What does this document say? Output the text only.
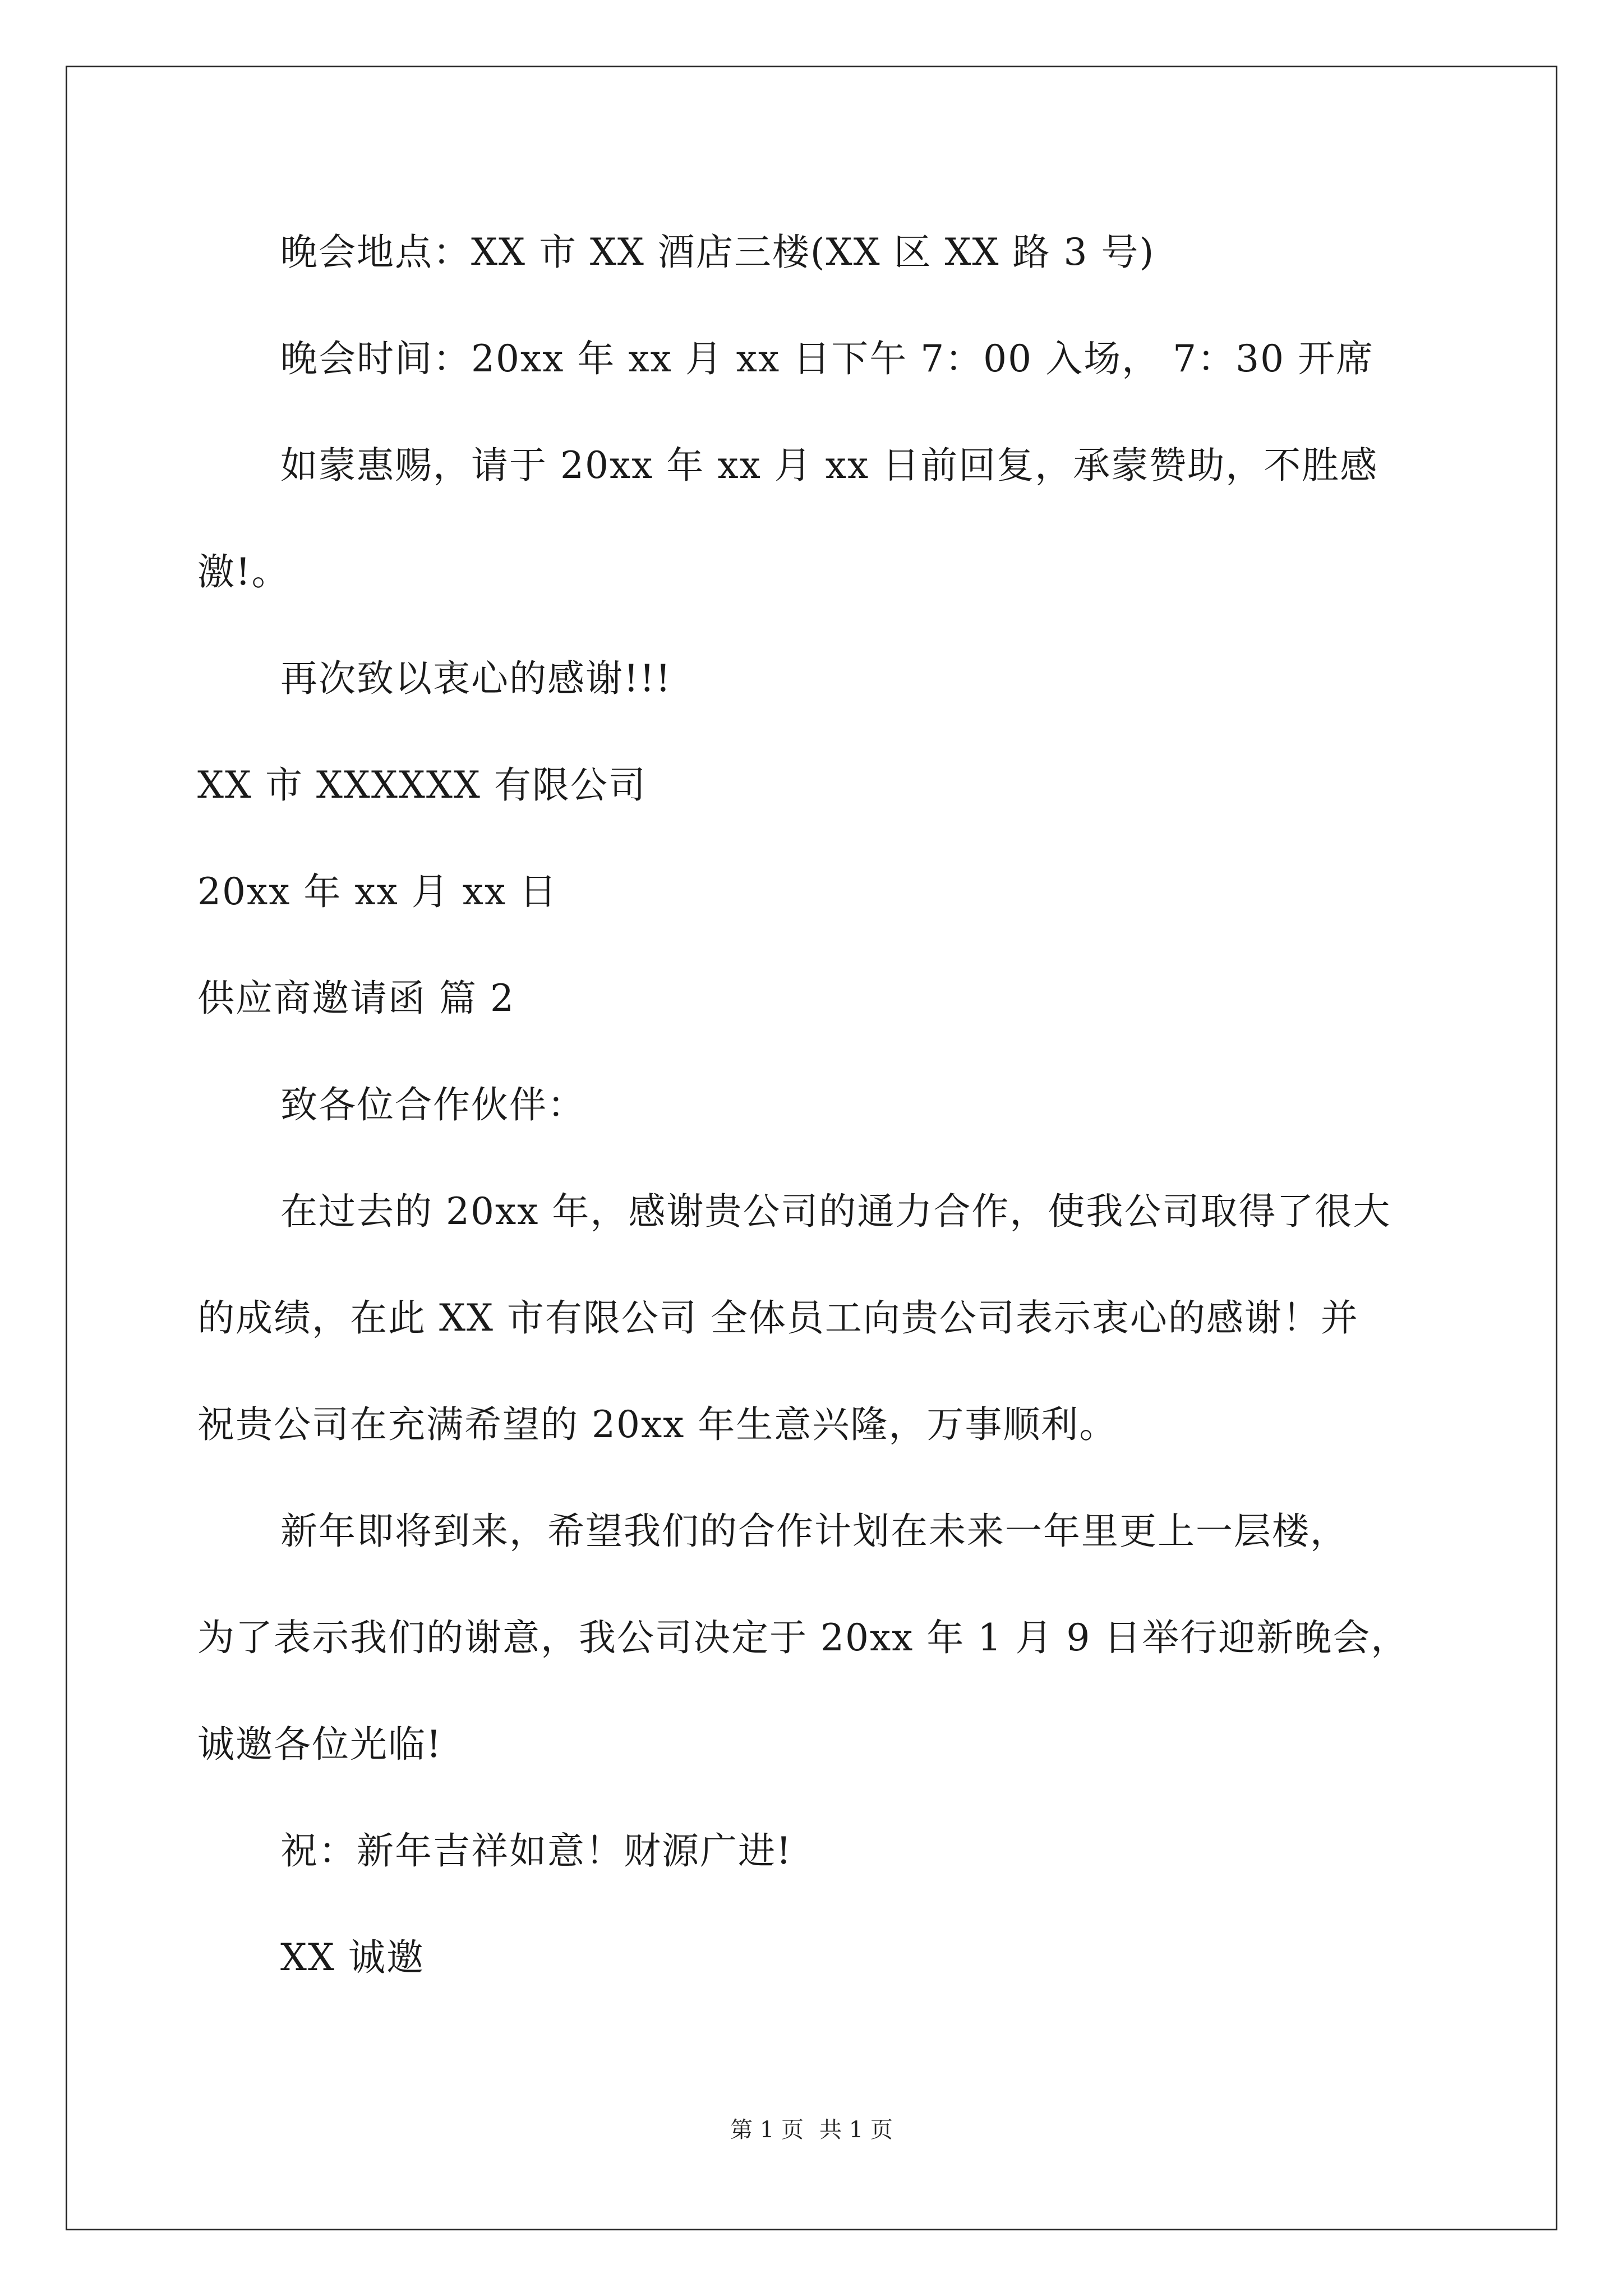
晚会地点：XX 市 XX 酒店三楼(XX 区 XX 路 3 号)
晚会时间：20xx 年 xx 月 xx 日下午 7：00 入场， 7：30 开席
如蒙惠赐，请于 20xx 年 xx 月 xx 日前回复，承蒙赞助，不胜感
激!。
再次致以衷心的感谢!!!
XX 市 XXXXXX 有限公司
20xx 年 xx 月 xx 日
供应商邀请函 篇 2
致各位合作伙伴：
在过去的 20xx 年，感谢贵公司的通力合作，使我公司取得了很大
的成绩，在此 XX 市有限公司 全体员工向贵公司表示衷心的感谢！并
祝贵公司在充满希望的 20xx 年生意兴隆，万事顺利。
新年即将到来，希望我们的合作计划在未来一年里更上一层楼，
为了表示我们的谢意，我公司决定于 20xx 年 1 月 9 日举行迎新晚会，
诚邀各位光临!
祝：新年吉祥如意！财源广进!
XX 诚邀
第 1 页 共 1 页
